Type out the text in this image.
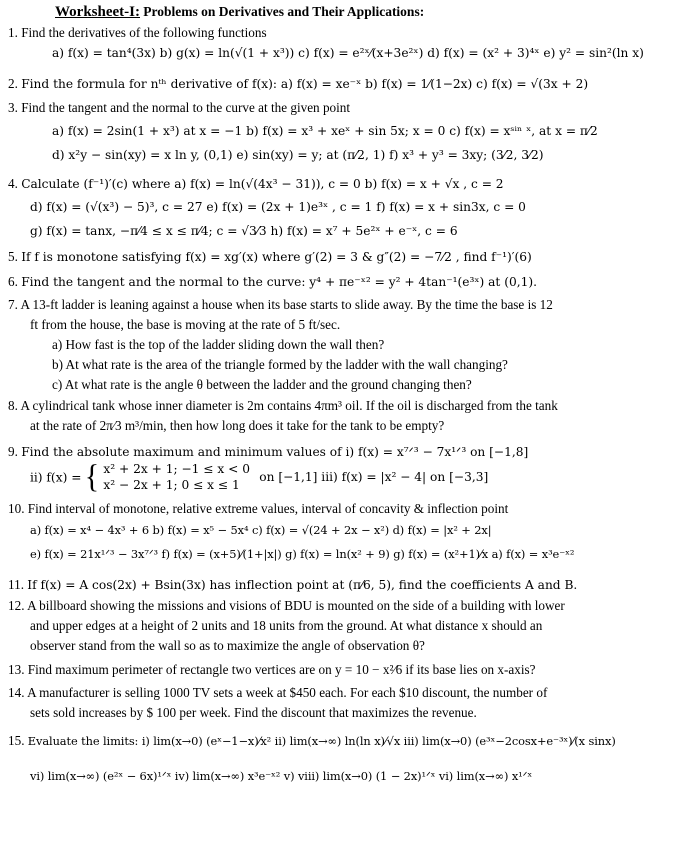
Worksheet-I: Problems on Derivatives and Their Applications:
1. Find the derivatives of the following functions
a) f(x) = tan⁴(3x) b) g(x) = ln(√(1 + x³)) c) f(x) = e²ˣ⁄(x+3e²ˣ) d) f(x) = (x² + 3)⁴ˣ e) y² = sin²(ln x)
2. Find the formula for nᵗʰ derivative of f(x): a) f(x) = xe⁻ˣ b) f(x) = 1⁄(1−2x) c) f(x) = √(3x + 2)
3. Find the tangent and the normal to the curve at the given point
a) f(x) = 2sin(1 + x³) at x = −1 b) f(x) = x³ + xeˣ + sin 5x; x = 0 c) f(x) = xˢⁱⁿ ˣ, at x = π⁄2
d) x²y − sin(xy) = x ln y, (0,1) e) sin(xy) = y; at (π⁄2, 1) f) x³ + y³ = 3xy; (3⁄2, 3⁄2)
4. Calculate (f⁻¹)′(c) where a) f(x) = ln(√(4x³ − 31)), c = 0 b) f(x) = x + √x , c = 2
d) f(x) = (√(x³) − 5)³, c = 27 e) f(x) = (2x + 1)e³ˣ , c = 1 f) f(x) = x + sin3x, c = 0
g) f(x) = tanx, −π⁄4 ≤ x ≤ π⁄4; c = √3⁄3 h) f(x) = x⁷ + 5e²ˣ + e⁻ˣ, c = 6
5. If f is monotone satisfying f(x) = xg′(x) where g′(2) = 3 & g″(2) = −7⁄2 , find f⁻¹)′(6)
6. Find the tangent and the normal to the curve: y⁴ + πe⁻ˣ² = y² + 4tan⁻¹(e³ˣ) at (0,1).
7. A 13-ft ladder is leaning against a house when its base starts to slide away. By the time the base is 12
ft from the house, the base is moving at the rate of 5 ft/sec.
a) How fast is the top of the ladder sliding down the wall then?
b) At what rate is the area of the triangle formed by the ladder with the wall changing?
c) At what rate is the angle θ between the ladder and the ground changing then?
8. A cylindrical tank whose inner diameter is 2m contains 4πm³ oil. If the oil is discharged from the tank
at the rate of 2π⁄3 m³/min, then how long does it take for the tank to be empty?
9. Find the absolute maximum and minimum values of i) f(x) = x⁷ᐟ³ − 7x¹ᐟ³ on [−1,8]
ii) f(x) = { x² + 2x + 1; −1 ≤ x < 0
x² − 2x + 1; 0 ≤ x ≤ 1
on [−1,1] iii) f(x) = |x² − 4| on [−3,3]
10. Find interval of monotone, relative extreme values, interval of concavity & inflection point
a) f(x) = x⁴ − 4x³ + 6 b) f(x) = x⁵ − 5x⁴ c) f(x) = √(24 + 2x − x²) d) f(x) = |x² + 2x|
e) f(x) = 21x¹ᐟ³ − 3x⁷ᐟ³ f) f(x) = (x+5)⁄(1+|x|) g) f(x) = ln(x² + 9) g) f(x) = (x²+1)⁄x a) f(x) = x³e⁻ˣ²
11. If f(x) = A cos(2x) + Bsin(3x) has inflection point at (π⁄6, 5), find the coefficients A and B.
12. A billboard showing the missions and visions of BDU is mounted on the side of a building with lower
and upper edges at a height of 2 units and 18 units from the ground. At what distance x should an
observer stand from the wall so as to maximize the angle of observation θ?
13. Find maximum perimeter of rectangle two vertices are on y = 10 − x²⁄6 if its base lies on x-axis?
14. A manufacturer is selling 1000 TV sets a week at $450 each. For each $10 discount, the number of
sets sold increases by $ 100 per week. Find the discount that maximizes the revenue.
15. Evaluate the limits: i) lim(x→0) (eˣ−1−x)⁄x² ii) lim(x→∞) ln(ln x)⁄√x iii) lim(x→0) (e³ˣ−2cosx+e⁻³ˣ)⁄(x sinx)
vi) lim(x→∞) (e²ˣ − 6x)¹ᐟˣ iv) lim(x→∞) x³e⁻ˣ² v) viii) lim(x→0) (1 − 2x)¹ᐟˣ vi) lim(x→∞) x¹ᐟˣ
